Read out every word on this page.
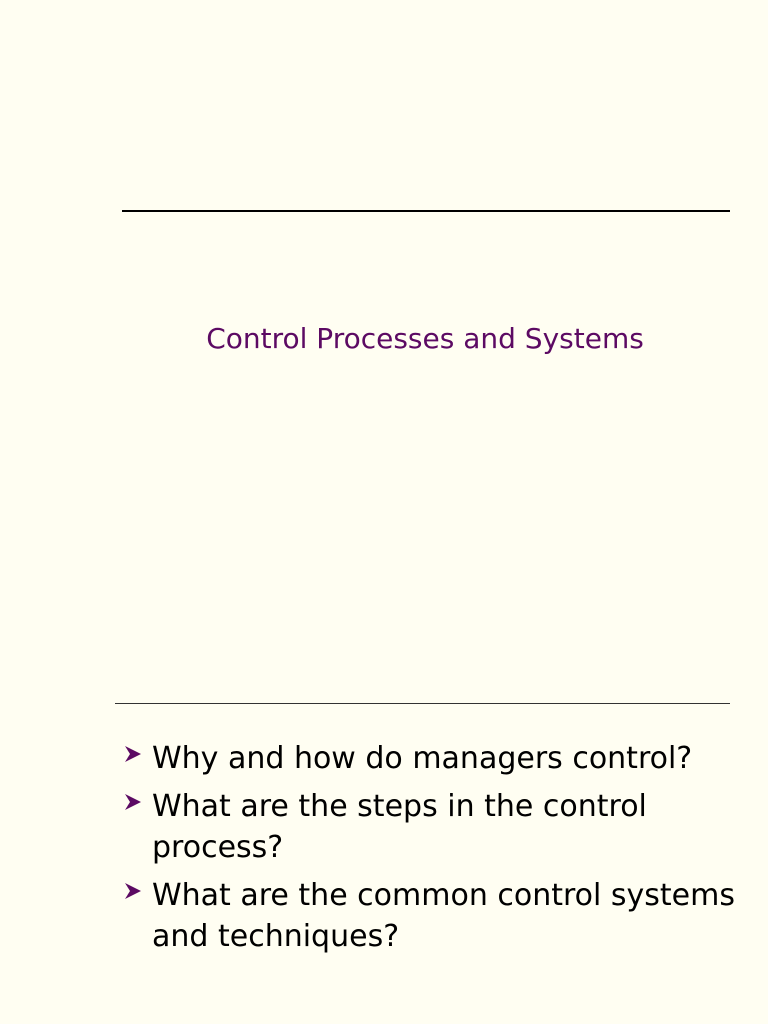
Control Processes and Systems
Why and how do managers control?
What are the steps in the control process?
What are the common control systems and techniques?
